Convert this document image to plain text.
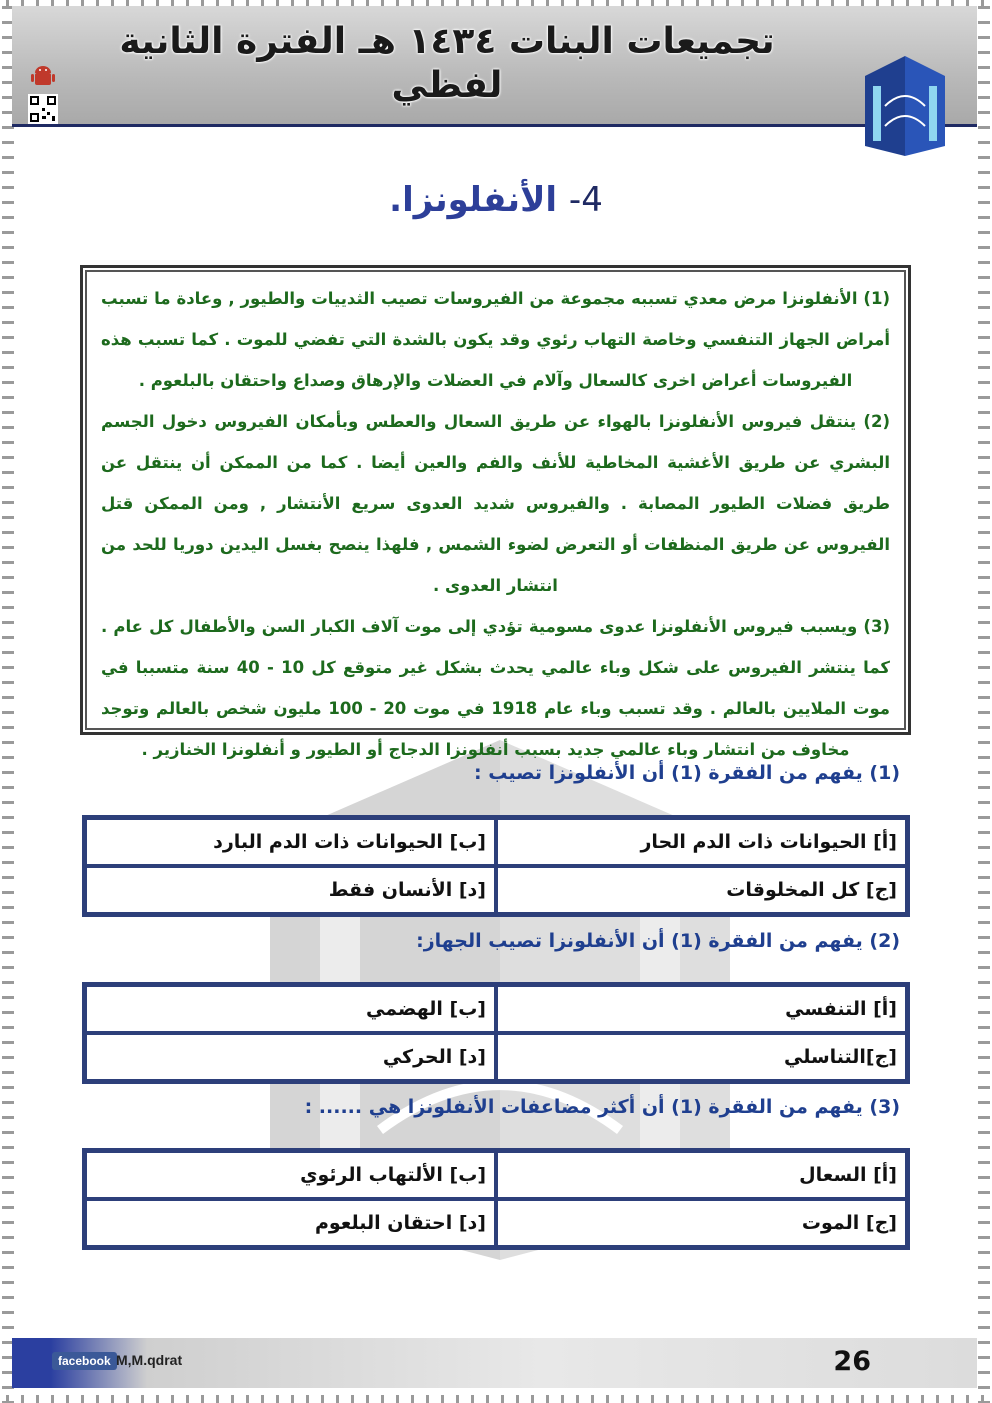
تجميعات البنات ١٤٣٤ هـ الفترة الثانية
لفظي
4- الأنفلونزا.

(1) الأنفلونزا مرض معدي تسببه مجموعة من الفيروسات تصيب الثدييات والطيور , وعادة ما تسبب أمراض الجهاز التنفسي وخاصة التهاب رئوي وقد يكون بالشدة التي تفضي للموت . كما تسبب هذه الفيروسات أعراض اخرى كالسعال وآلام في العضلات والإرهاق وصداع واحتقان بالبلعوم .

(2) ينتقل فيروس الأنفلونزا بالهواء عن طريق السعال والعطس وبأمكان الفيروس دخول الجسم البشري عن طريق الأغشية المخاطية للأنف والفم والعين أيضا . كما من الممكن أن ينتقل عن طريق فضلات الطيور المصابة . والفيروس شديد العدوى سريع الأنتشار , ومن الممكن قتل الفيروس عن طريق المنظفات أو التعرض لضوء الشمس , فلهذا ينصح بغسل اليدين دوريا للحد من انتشار العدوى .

(3) ويسبب فيروس الأنفلونزا عدوى مسومية تؤدي إلى موت آلاف الكبار السن والأطفال كل عام . كما ينتشر الفيروس على شكل وباء عالمي يحدث بشكل غير متوقع كل 10 - 40 سنة متسببا في موت الملايين بالعالم . وقد تسبب وباء عام 1918 في موت 20 - 100 مليون شخص بالعالم وتوجد مخاوف من انتشار وباء عالمي جديد بسبب أنفلونزا الدجاج أو الطيور و أنفلونزا الخنازير .

(1) يفهم من الفقرة (1) أن الأنفلونزا تصيب :
[أ] الحيوانات ذات الدم الحار	[ب] الحيوانات ذات الدم البارد
[ج] كل المخلوقات	[د] الأنسان فقط
(2) يفهم من الفقرة (1) أن الأنفلونزا تصيب الجهاز:
[أ] التنفسي	[ب] الهضمي
[ج]التناسلي	[د] الحركي
(3) يفهم من الفقرة (1) أن أكثر مضاعفات الأنفلونزا هي ...... :
[أ] السعال	[ب] الألتهاب الرئوي
[ج] الموت	[د] احتقان البلعوم
facebook M,M.qdrat	26
